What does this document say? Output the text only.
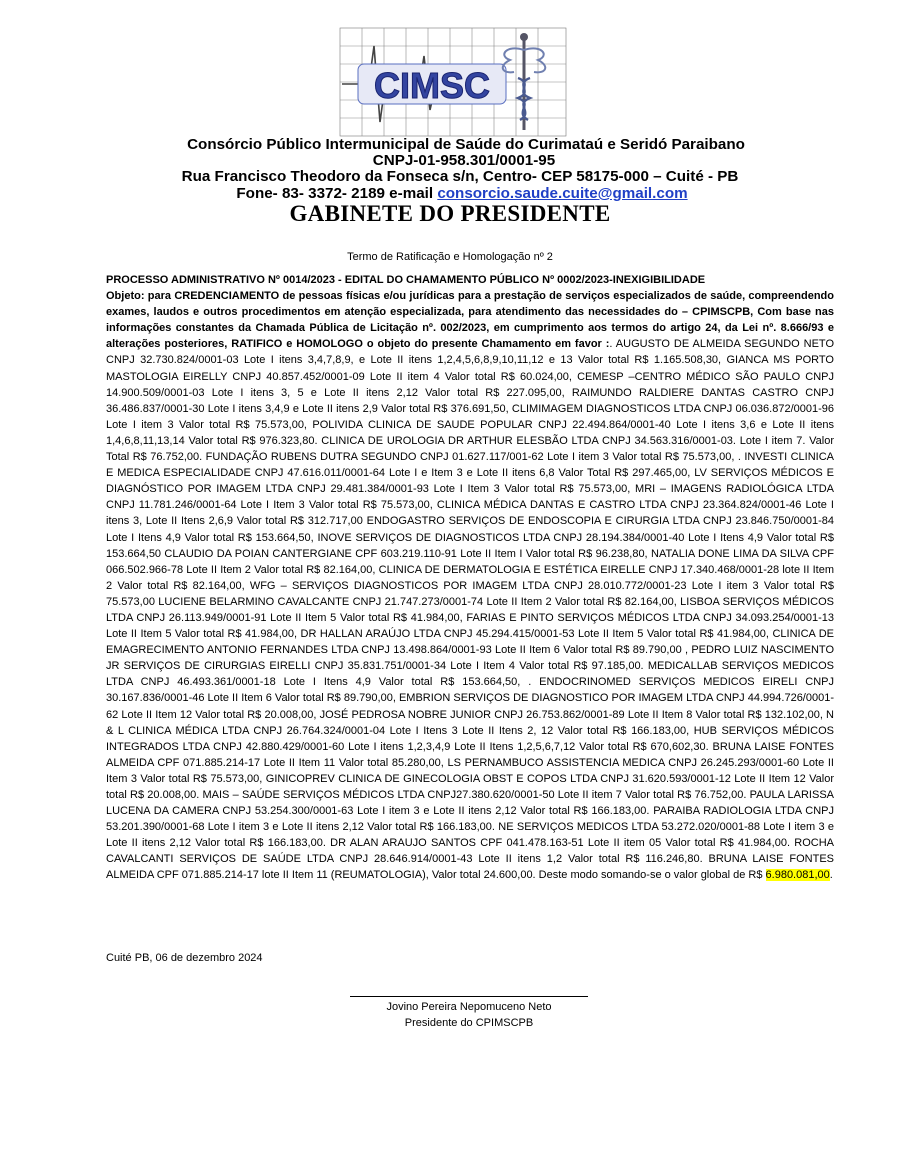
CIMSC
Consórcio Público Intermunicipal de Saúde do Curimataú e Seridó Paraibano
CNPJ-01-958.301/0001-95
Rua Francisco Theodoro da Fonseca s/n, Centro- CEP 58175-000 – Cuité - PB
Fone- 83- 3372- 2189 e-mail consorcio.saude.cuite@gmail.com
GABINETE DO PRESIDENTE
Termo de Ratificação e Homologação nº 2

PROCESSO ADMINISTRATIVO Nº 0014/2023 - EDITAL DO CHAMAMENTO PÚBLICO Nº 0002/2023-INEXIGIBILIDADE

Objeto: para CREDENCIAMENTO de pessoas físicas e/ou jurídicas para a prestação de serviços especializados de saúde, compreendendo exames, laudos e outros procedimentos em atenção especializada, para atendimento das necessidades do – CPIMSCPB, Com base nas informações constantes da Chamada Pública de Licitação nº. 002/2023, em cumprimento aos termos do artigo 24, da Lei nº. 8.666/93 e alterações posteriores, RATIFICO e HOMOLOGO o objeto do presente Chamamento em favor :. AUGUSTO DE ALMEIDA SEGUNDO NETO CNPJ 32.730.824/0001-03 Lote I itens 3,4,7,8,9, e Lote II itens 1,2,4,5,6,8,9,10,11,12 e 13 Valor total R$ 1.165.508,30, GIANCA MS PORTO MASTOLOGIA EIRELLY CNPJ 40.857.452/0001-09 Lote II item 4 Valor total R$ 60.024,00, CEMESP –CENTRO MÉDICO SÃO PAULO CNPJ 14.900.509/0001-03 Lote I itens 3, 5 e Lote II itens 2,12 Valor total R$ 227.095,00, RAIMUNDO RALDIERE DANTAS CASTRO CNPJ 36.486.837/0001-30 Lote I itens 3,4,9 e Lote II itens 2,9 Valor total R$ 376.691,50, CLIMIMAGEM DIAGNOSTICOS LTDA CNPJ 06.036.872/0001-96 Lote I item 3 Valor total R$ 75.573,00, POLIVIDA CLINICA DE SAUDE POPULAR CNPJ 22.494.864/0001-40 Lote I itens 3,6 e Lote II itens 1,4,6,8,11,13,14 Valor total R$ 976.323,80. CLINICA DE UROLOGIA DR ARTHUR ELESBÃO LTDA CNPJ 34.563.316/0001-03. Lote I item 7. Valor Total R$ 76.752,00. FUNDAÇÃO RUBENS DUTRA SEGUNDO CNPJ 01.627.117/001-62 Lote I item 3 Valor total R$ 75.573,00, . INVESTI CLINICA E MEDICA ESPECIALIDADE CNPJ 47.616.011/0001-64 Lote I e Item 3 e Lote II itens 6,8 Valor Total R$ 297.465,00, LV SERVIÇOS MÉDICOS E DIAGNÓSTICO POR IMAGEM LTDA CNPJ 29.481.384/0001-93 Lote I Item 3 Valor total R$ 75.573,00, MRI – IMAGENS RADIOLÓGICA LTDA CNPJ 11.781.246/0001-64 Lote I Item 3 Valor total R$ 75.573,00, CLINICA MÉDICA DANTAS E CASTRO LTDA CNPJ 23.364.824/0001-46 Lote I itens 3, Lote II Itens 2,6,9 Valor total R$ 312.717,00 ENDOGASTRO SERVIÇOS DE ENDOSCOPIA E CIRURGIA LTDA CNPJ 23.846.750/0001-84 Lote I Itens 4,9 Valor total R$ 153.664,50, INOVE SERVIÇOS DE DIAGNOSTICOS LTDA CNPJ 28.194.384/0001-40 Lote I Itens 4,9 Valor total R$ 153.664,50 CLAUDIO DA POIAN CANTERGIANE CPF 603.219.110-91 Lote II Item I Valor total R$ 96.238,80, NATALIA DONE LIMA DA SILVA CPF 066.502.966-78 Lote II Item 2 Valor total R$ 82.164,00, CLINICA DE DERMATOLOGIA E ESTÉTICA EIRELLE CNPJ 17.340.468/0001-28 lote II Item 2 Valor total R$ 82.164,00, WFG – SERVIÇOS DIAGNOSTICOS POR IMAGEM LTDA CNPJ 28.010.772/0001-23 Lote I item 3 Valor total R$ 75.573,00 LUCIENE BELARMINO CAVALCANTE CNPJ 21.747.273/0001-74 Lote II Item 2 Valor total R$ 82.164,00, LISBOA SERVIÇOS MÉDICOS LTDA CNPJ 26.113.949/0001-91 Lote II Item 5 Valor total R$ 41.984,00, FARIAS E PINTO SERVIÇOS MÉDICOS LTDA CNPJ 34.093.254/0001-13 Lote II Item 5 Valor total R$ 41.984,00, DR HALLAN ARAÚJO LTDA CNPJ 45.294.415/0001-53 Lote II Item 5 Valor total R$ 41.984,00, CLINICA DE EMAGRECIMENTO ANTONIO FERNANDES LTDA CNPJ 13.498.864/0001-93 Lote II Item 6 Valor total R$ 89.790,00 , PEDRO LUIZ NASCIMENTO JR SERVIÇOS DE CIRURGIAS EIRELLI CNPJ 35.831.751/0001-34 Lote I Item 4 Valor total R$ 97.185,00. MEDICALLAB SERVIÇOS MEDICOS LTDA CNPJ 46.493.361/0001-18 Lote I Itens 4,9 Valor total R$ 153.664,50, . ENDOCRINOMED SERVIÇOS MEDICOS EIRELI CNPJ 30.167.836/0001-46 Lote II Item 6 Valor total R$ 89.790,00, EMBRION SERVIÇOS DE DIAGNOSTICO POR IMAGEM LTDA CNPJ 44.994.726/0001-62 Lote II Item 12 Valor total R$ 20.008,00, JOSÉ PEDROSA NOBRE JUNIOR CNPJ 26.753.862/0001-89 Lote II Item 8 Valor total R$ 132.102,00, N & L CLINICA MÉDICA LTDA CNPJ 26.764.324/0001-04 Lote I Itens 3 Lote II Itens 2, 12 Valor total R$ 166.183,00, HUB SERVIÇOS MÉDICOS INTEGRADOS LTDA CNPJ 42.880.429/0001-60 Lote I itens 1,2,3,4,9 Lote II Itens 1,2,5,6,7,12 Valor total R$ 670,602,30. BRUNA LAISE FONTES ALMEIDA CPF 071.885.214-17 Lote II Item 11 Valor total 85.280,00, LS PERNAMBUCO ASSISTENCIA MEDICA CNPJ 26.245.293/0001-60 Lote II Item 3 Valor total R$ 75.573,00, GINICOPREV CLINICA DE GINECOLOGIA OBST E COPOS LTDA CNPJ 31.620.593/0001-12 Lote II Item 12 Valor total R$ 20.008,00. MAIS – SAÚDE SERVIÇOS MÉDICOS LTDA CNPJ27.380.620/0001-50 Lote II item 7 Valor total R$ 76.752,00. PAULA LARISSA LUCENA DA CAMERA CNPJ 53.254.300/0001-63 Lote I item 3 e Lote II itens 2,12 Valor total R$ 166.183,00. PARAIBA RADIOLOGIA LTDA CNPJ 53.201.390/0001-68 Lote I item 3 e Lote II itens 2,12 Valor total R$ 166.183,00. NE SERVIÇOS MEDICOS LTDA 53.272.020/0001-88 Lote I item 3 e Lote II itens 2,12 Valor total R$ 166.183,00. DR ALAN ARAUJO SANTOS CPF 041.478.163-51 Lote II item 05 Valor total R$ 41.984,00. ROCHA CAVALCANTI SERVIÇOS DE SAÚDE LTDA CNPJ 28.646.914/0001-43 Lote II itens 1,2 Valor total R$ 116.246,80. BRUNA LAISE FONTES ALMEIDA CPF 071.885.214-17 lote II Item 11 (REUMATOLOGIA), Valor total 24.600,00. Deste modo somando-se o valor global de R$ 6.980.081,00.

Cuité PB, 06 de dezembro 2024
Jovino Pereira Nepomuceno Neto
Presidente do CPIMSCPB
